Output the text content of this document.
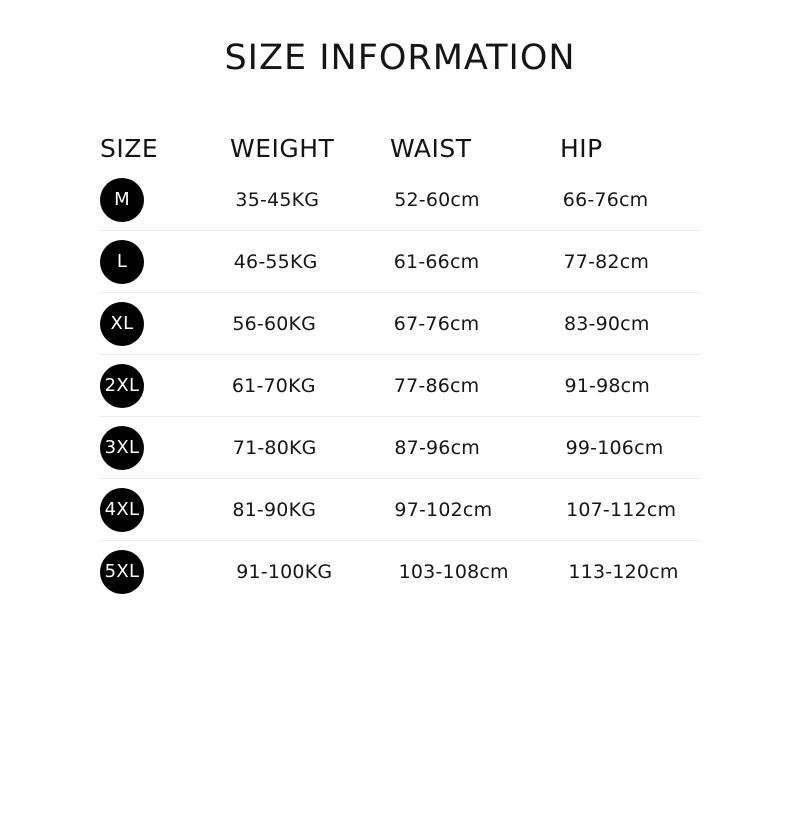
SIZE INFORMATION
SIZE	WEIGHT	WAIST	HIP
M	35-45KG	52-60cm	66-76cm
L	46-55KG	61-66cm	77-82cm
XL	56-60KG	67-76cm	83-90cm
2XL	61-70KG	77-86cm	91-98cm
3XL	71-80KG	87-96cm	99-106cm
4XL	81-90KG	97-102cm	107-112cm
5XL	91-100KG	103-108cm	113-120cm
